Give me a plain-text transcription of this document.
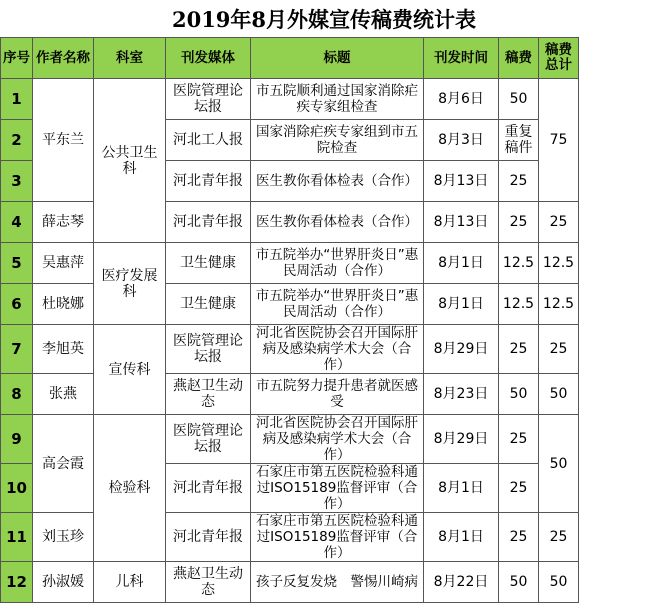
2019年8月外媒宣传稿费统计表
序号	作者名称	科室	刊发媒体	标题	刊发时间	稿费	稿费总计
1	平东兰	公共卫生科	医院管理论坛报	市五院顺利通过国家消除疟疾专家组检查	8月6日	50	75
2			河北工人报	国家消除疟疾专家组到市五院检查	8月3日	重复稿件	
3			河北青年报	医生教你看体检表（合作）	8月13日	25	
4	薛志琴		河北青年报	医生教你看体检表（合作）	8月13日	25	25
5	吴惠萍	医疗发展科	卫生健康	市五院举办“世界肝炎日”惠民周活动（合作）	8月1日	12.5	12.5
6	杜晓娜		卫生健康	市五院举办“世界肝炎日”惠民周活动（合作）	8月1日	12.5	12.5
7	李旭英	宣传科	医院管理论坛报	河北省医院协会召开国际肝病及感染病学术大会（合作）	8月29日	25	25
8	张燕		燕赵卫生动态	市五院努力提升患者就医感受	8月23日	50	50
9	高会霞	检验科	医院管理论坛报	河北省医院协会召开国际肝病及感染病学术大会（合作）	8月29日	25	50
10			河北青年报	石家庄市第五医院检验科通过ISO15189监督评审（合作）	8月1日	25	
11	刘玉珍		河北青年报	石家庄市第五医院检验科通过ISO15189监督评审（合作）	8月1日	25	25
12	孙淑媛	儿科	燕赵卫生动态	孩子反复发烧　警惕川崎病	8月22日	50	50
